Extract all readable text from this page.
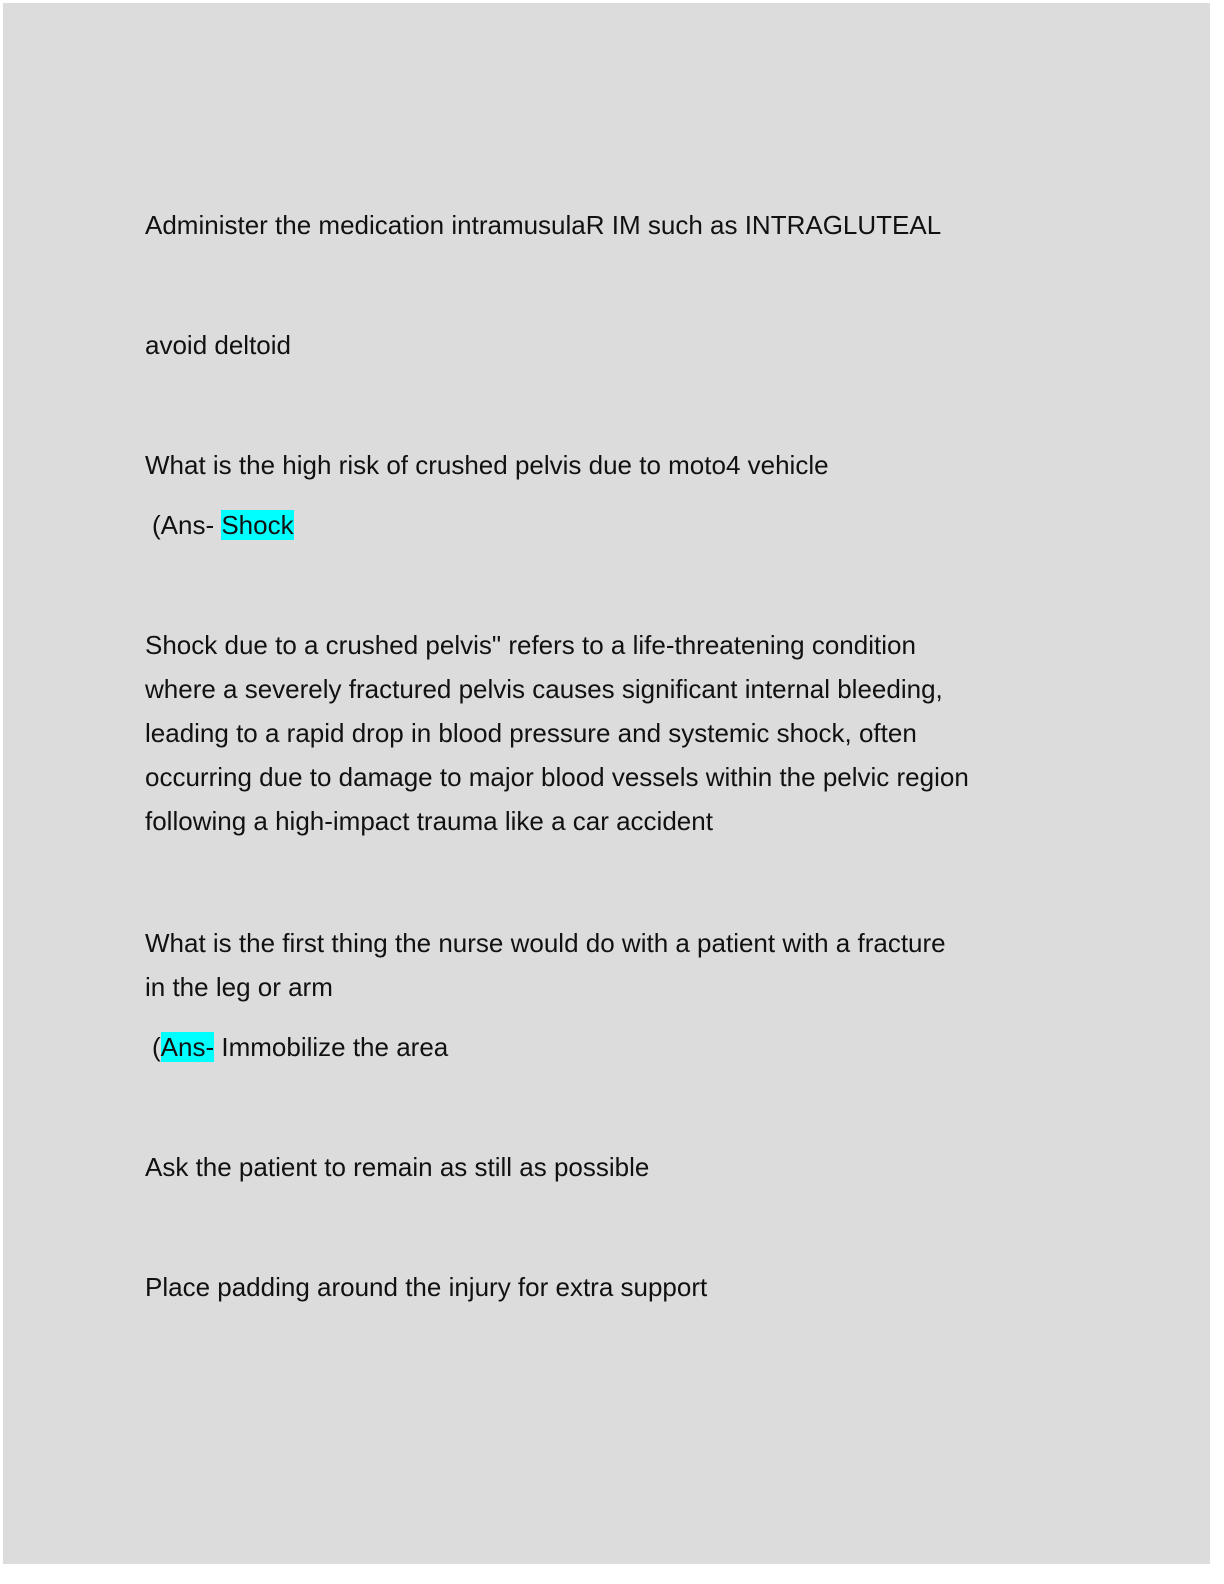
Administer the medication intramusulaR IM such as INTRAGLUTEAL

avoid deltoid

What is the high risk of crushed pelvis due to moto4 vehicle

(Ans- Shock

Shock due to a crushed pelvis" refers to a life-threatening condition
where a severely fractured pelvis causes significant internal bleeding,
leading to a rapid drop in blood pressure and systemic shock, often
occurring due to damage to major blood vessels within the pelvic region
following a high-impact trauma like a car accident
What is the first thing the nurse would do with a patient with a fracture
in the leg or arm

(Ans- Immobilize the area

Ask the patient to remain as still as possible

Place padding around the injury for extra support
